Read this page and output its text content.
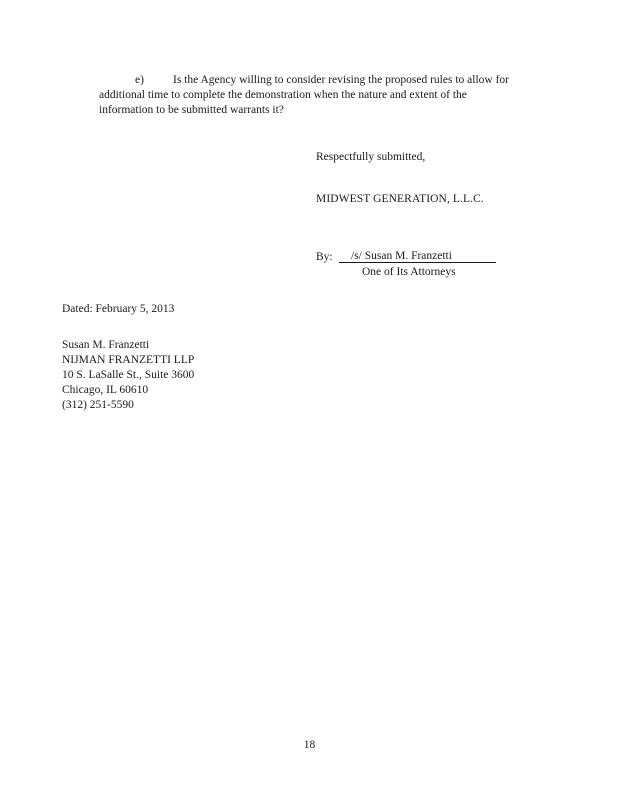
e)	Is the Agency willing to consider revising the proposed rules to allow for
additional time to complete the demonstration when the nature and extent of the
information to be submitted warrants it?
Respectfully submitted,
MIDWEST GENERATION, L.L.C.
By:	/s/ Susan M. Franzetti
One of Its Attorneys
Dated: February 5, 2013
Susan M. Franzetti
NIJMAN FRANZETTI LLP
10 S. LaSalle St., Suite 3600
Chicago, IL 60610
(312) 251-5590
18
